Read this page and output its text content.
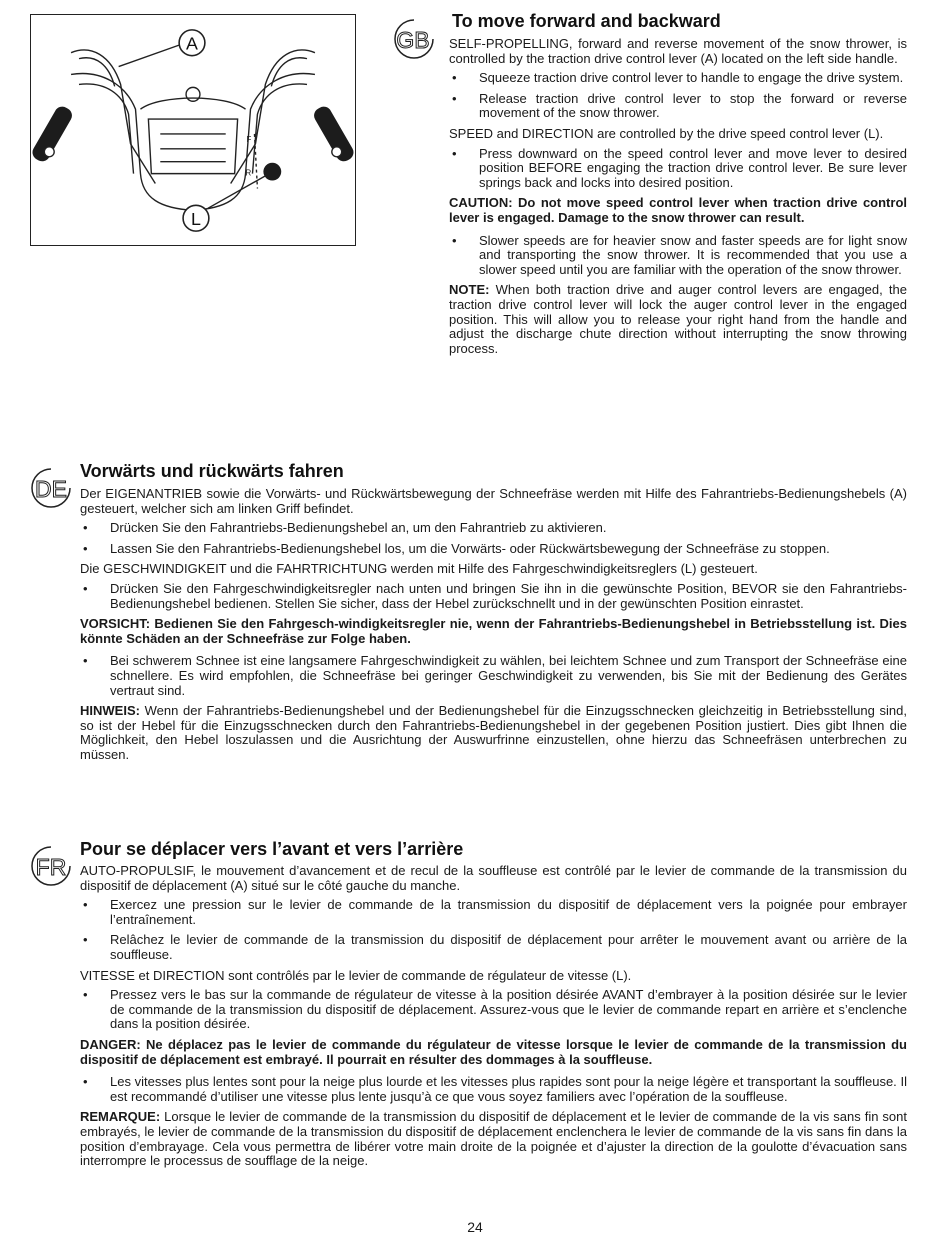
A
L
F
R
GB
To move forward and backward

SELF-PROPELLING, forward and reverse movement of the snow thrower, is controlled by the traction drive control lever (A) located on the left side handle.

• Squeeze traction drive control lever to handle to engage the drive system.
• Release traction drive control lever to stop the forward or reverse movement of the snow thrower.

SPEED and DIRECTION are controlled by the drive speed control lever (L).

• Press downward on the speed control lever and move lever to desired position BEFORE engaging the traction drive control lever. Be sure lever springs back and locks into desired position.

CAUTION: Do not move speed control lever when traction drive control lever is engaged. Damage to the snow thrower can result.

• Slower speeds are for heavier snow and faster speeds are for light snow and transporting the snow thrower. It is recommended that you use a slower speed until you are familiar with the operation of the snow thrower.

NOTE: When both traction drive and auger control levers are engaged, the traction drive control lever will lock the auger control lever in the engaged position. This will allow you to release your right hand from the handle and adjust the discharge chute direction without interrupting the snow throwing process.

DE
Vorwärts und rückwärts fahren

Der EIGENANTRIEB sowie die Vorwärts- und Rückwärtsbewegung der Schneefräse werden mit Hilfe des Fahrantriebs-Bedienungshebels (A) gesteuert, welcher sich am linken Griff befindet.

• Drücken Sie den Fahrantriebs-Bedienungshebel an, um den Fahrantrieb zu aktivieren.
• Lassen Sie den Fahrantriebs-Bedienungshebel los, um die Vorwärts- oder Rückwärtsbewegung der Schneefräse zu stoppen.

Die GESCHWINDIGKEIT und die FAHRTRICHTUNG werden mit Hilfe des Fahrgeschwindigkeitsreglers (L) gesteuert.

• Drücken Sie den Fahrgeschwindigkeitsregler nach unten und bringen Sie ihn in die gewünschte Position, BEVOR sie den Fahrantriebs-Bedienungshebel bedienen. Stellen Sie sicher, dass der Hebel zurückschnellt und in der gewünschten Position einrastet.

VORSICHT: Bedienen Sie den Fahrgesch-windigkeitsregler nie, wenn der Fahrantriebs-Bedienungshebel in Betriebsstellung ist. Dies könnte Schäden an der Schneefräse zur Folge haben.

• Bei schwerem Schnee ist eine langsamere Fahrgeschwindigkeit zu wählen, bei leichtem Schnee und zum Transport der Schneefräse eine schnellere. Es wird empfohlen, die Schneefräse bei geringer Geschwindigkeit zu verwenden, bis Sie mit der Bedienung des Gerätes vertraut sind.

HINWEIS: Wenn der Fahrantriebs-Bedienungshebel und der Bedienungshebel für die Einzugsschnecken gleichzeitig in Betriebsstellung sind, so ist der Hebel für die Einzugsschnecken durch den Fahrantriebs-Bedienungshebel in der gegebenen Position justiert. Dies gibt Ihnen die Möglichkeit, den Hebel loszulassen und die Ausrichtung der Auswurfrinne einzustellen, ohne hierzu das Schneefräsen unterbrechen zu müssen.

FR
Pour se déplacer vers l’avant et vers l’arrière

AUTO-PROPULSIF, le mouvement d’avancement et de recul de la souffleuse est contrôlé par le levier de commande de la transmission du dispositif de déplacement (A) situé sur le côté gauche du manche.

• Exercez une pression sur le levier de commande de la transmission du dispositif de déplacement vers la poignée pour embrayer l’entraînement.
• Relâchez le levier de commande de la transmission du dispositif de déplacement pour arrêter le mouvement avant ou arrière de la souffleuse.

VITESSE et DIRECTION sont contrôlés par le levier de commande de régulateur de vitesse (L).

• Pressez vers le bas sur la commande de régulateur de vitesse à la position désirée AVANT d’embrayer à la position désirée sur le levier de commande de la transmission du dispositif de déplacement. Assurez-vous que le levier de commande repart en arrière et s’enclenche dans la position désirée.

DANGER: Ne déplacez pas le levier de commande du régulateur de vitesse lorsque le levier de commande de la transmission du dispositif de déplacement est embrayé. Il pourrait en résulter des dommages à la souffleuse.

• Les vitesses plus lentes sont pour la neige plus lourde et les vitesses plus rapides sont pour la neige légère et transportant la souffleuse. Il est recommandé d’utiliser une vitesse plus lente jusqu’à ce que vous soyez familiers avec l’opération de la souffleuse.

REMARQUE: Lorsque le levier de commande de la transmission du dispositif de déplacement et le levier de commande de la vis sans fin sont embrayés, le levier de commande de la transmission du dispositif de déplacement enclenchera le levier de commande de la vis sans fin dans la position d’embrayage. Cela vous permettra de libérer votre main droite de la poignée et d’ajuster la direction de la goulotte d’évacuation sans interrompre le processus de soufflage de la neige.

24
